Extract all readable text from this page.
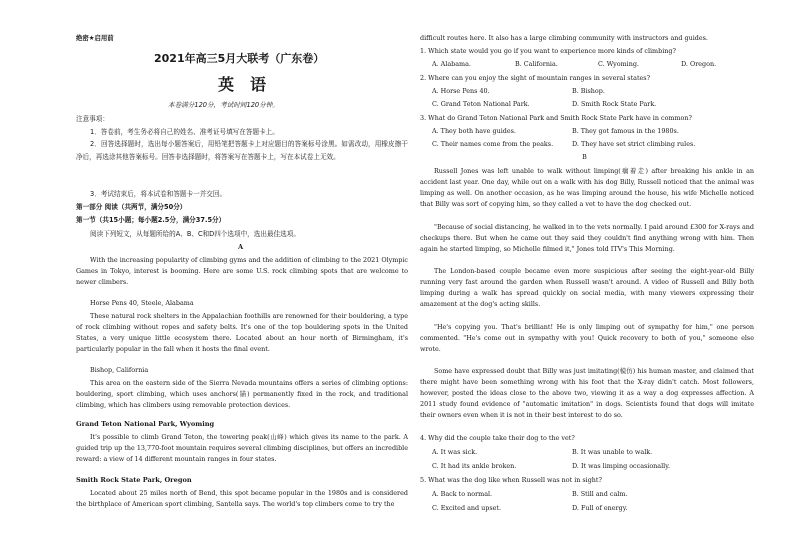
绝密★启用前
2021年高三5月大联考（广东卷）
英　语
本卷满分120分，考试时间120分钟。
注意事项：
1．答卷前，考生务必将自己的姓名、准考证号填写在答题卡上。
2．回答选择题时，选出每小题答案后，用铅笔把答题卡上对应题目的答案标号涂黑。如需改动，用橡皮擦干净后，再选涂其他答案标号。回答非选择题时，将答案写在答题卡上，写在本试卷上无效。
3．考试结束后，将本试卷和答题卡一并交回。
第一部分 阅读（共两节，满分50分）
第一节（共15小题；每小题2.5分，满分37.5分）
阅读下列短文，从每题所给的A、B、C和D四个选项中，选出最佳选项。
A
With the increasing popularity of climbing gyms and the addition of climbing to the 2021 Olympic Games in Tokyo, interest is booming. Here are some U.S. rock climbing spots that are welcome to newer climbers.
Horse Pens 40, Steele, Alabama
These natural rock shelters in the Appalachian foothills are renowned for their bouldering, a type of rock climbing without ropes and safety belts. It's one of the top bouldering spots in the United States, a very unique little ecosystem there. Located about an hour north of Birmingham, it's particularly popular in the fall when it hosts the final event.
Bishop, California
This area on the eastern side of the Sierra Nevada mountains offers a series of climbing options: bouldering, sport climbing, which uses anchors(锚) permanently fixed in the rock, and traditional climbing, which has climbers using removable protection devices.
Grand Teton National Park, Wyoming
It's possible to climb Grand Teton, the towering peak(山峰) which gives its name to the park. A guided trip up the 13,770-foot mountain requires several climbing disciplines, but offers an incredible reward: a view of 14 different mountain ranges in four states.
Smith Rock State Park, Oregon
Located about 25 miles north of Bend, this spot became popular in the 1980s and is considered the birthplace of American sport climbing, Santella says. The world's top climbers come to try the
difficult routes here. It also has a large climbing community with instructors and guides.
1. Which state would you go if you want to experience more kinds of climbing?
A. Alabama.	B. California.	C. Wyoming.	D. Oregon.
2. Where can you enjoy the sight of mountain ranges in several states?
A. Horse Pens 40.	B. Bishop.
C. Grand Teton National Park.	D. Smith Rock State Park.
3. What do Grand Teton National Park and Smith Rock State Park have in common?
A. They both have guides.	B. They got famous in the 1980s.
C. Their names come from the peaks.	D. They have set strict climbing rules.
B
Russell Jones was left unable to walk without limping(瘸着走) after breaking his ankle in an accident last year. One day, while out on a walk with his dog Billy, Russell noticed that the animal was limping as well. On another occasion, as he was limping around the house, his wife Michelle noticed that Billy was sort of copying him, so they called a vet to have the dog checked out.
"Because of social distancing, he walked in to the vets normally. I paid around £300 for X-rays and checkups there. But when he came out they said they couldn't find anything wrong with him. Then again he started limping, so Michelle filmed it," Jones told ITV's This Morning.
The London-based couple became even more suspicious after seeing the eight-year-old Billy running very fast around the garden when Russell wasn't around. A video of Russell and Billy both limping during a walk has spread quickly on social media, with many viewers expressing their amazement at the dog's acting skills.
"He's copying you. That's brilliant! He is only limping out of sympathy for him," one person commented. "He's come out in sympathy with you! Quick recovery to both of you," someone else wrote.
Some have expressed doubt that Billy was just imitating(模仿) his human master, and claimed that there might have been something wrong with his foot that the X-ray didn't catch. Most followers, however, posted the ideas close to the above two, viewing it as a way a dog expresses affection. A 2011 study found evidence of "automatic imitation" in dogs. Scientists found that dogs will imitate their owners even when it is not in their best interest to do so.
4. Why did the couple take their dog to the vet?
A. It was sick.	B. It was unable to walk.
C. It had its ankle broken.	D. It was limping occasionally.
5. What was the dog like when Russell was not in sight?
A. Back to normal.	B. Still and calm.
C. Excited and upset.	D. Full of energy.
